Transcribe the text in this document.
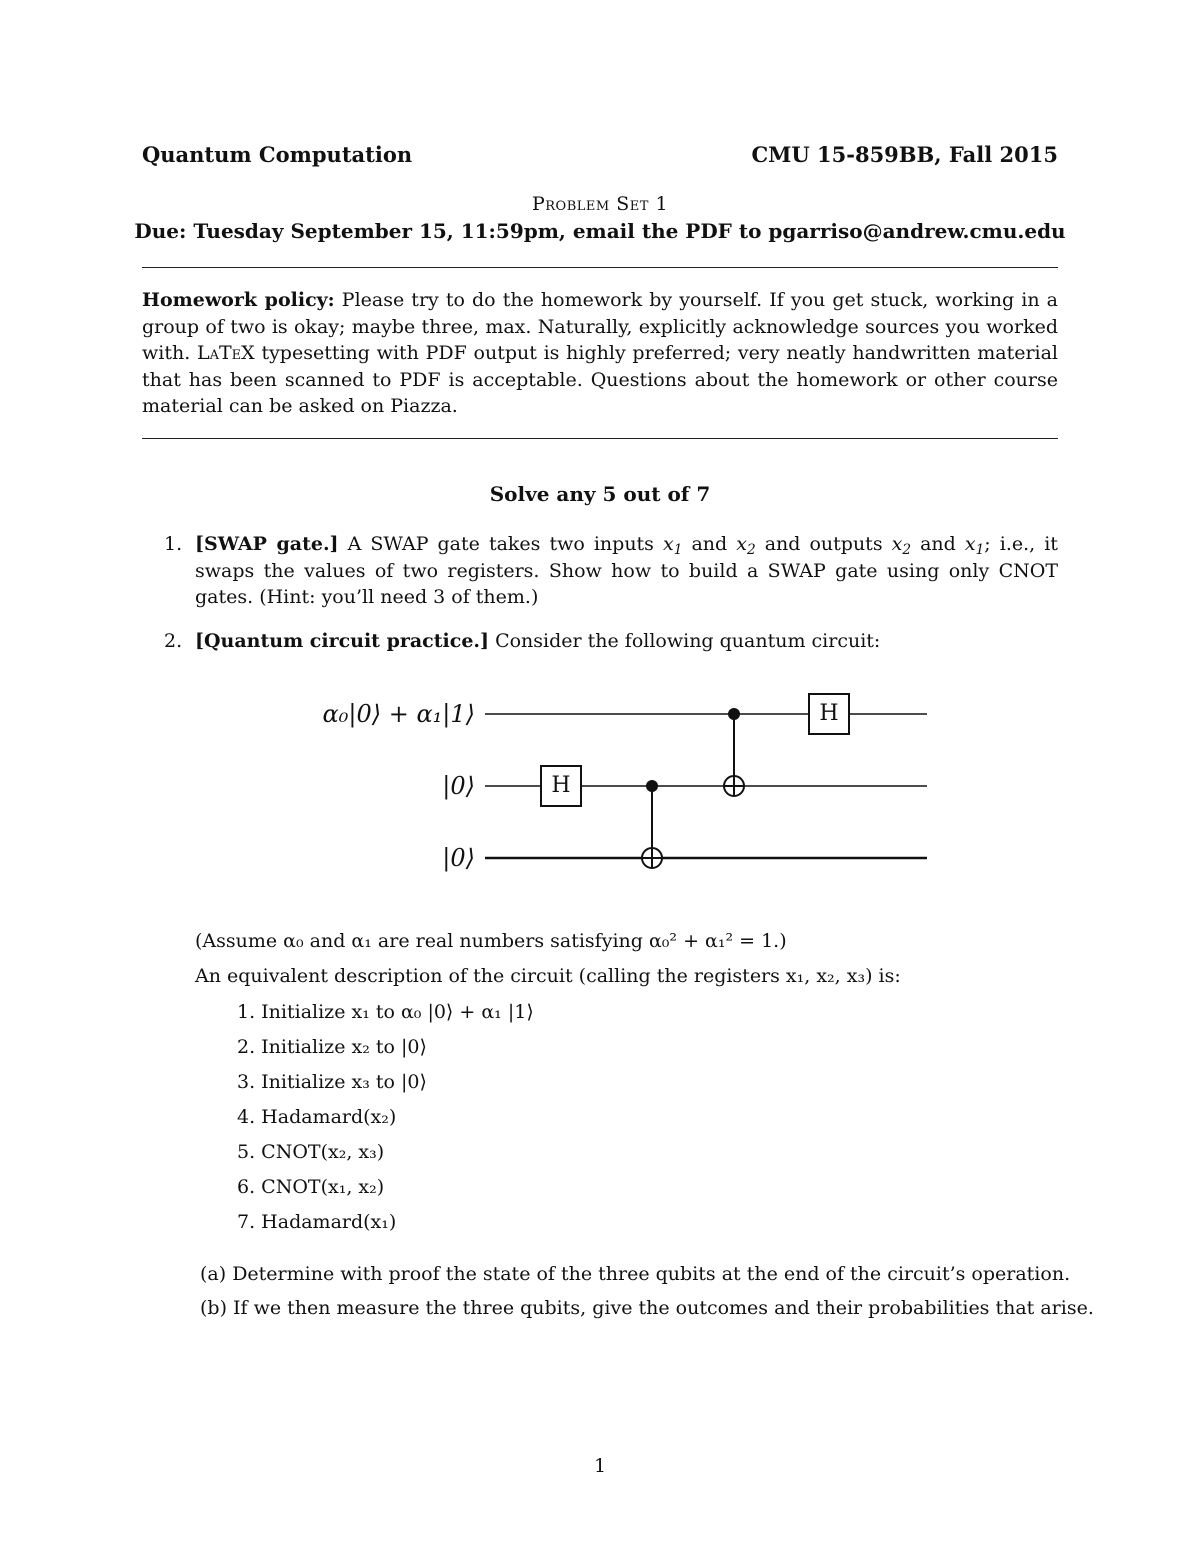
Quantum Computation	CMU 15-859BB, Fall 2015
Problem Set 1
Due: Tuesday September 15, 11:59pm, email the PDF to pgarriso@andrew.cmu.edu

Homework policy: Please try to do the homework by yourself. If you get stuck, working in a group of two is okay; maybe three, max. Naturally, explicitly acknowledge sources you worked with. LaTeX typesetting with PDF output is highly preferred; very neatly handwritten material that has been scanned to PDF is acceptable. Questions about the homework or other course material can be asked on Piazza.

Solve any 5 out of 7
1. [SWAP gate.] A SWAP gate takes two inputs $x_1$ and $x_2$ and outputs $x_2$ and $x_1$; i.e., it swaps the values of two registers. Show how to build a SWAP gate using only CNOT gates. (Hint: you’ll need 3 of them.)
2. [Quantum circuit practice.] Consider the following quantum circuit:
α₀|0⟩ + α₁|1⟩
|0⟩
|0⟩
H
H
(Assume α₀ and α₁ are real numbers satisfying α₀² + α₁² = 1.)
An equivalent description of the circuit (calling the registers x₁, x₂, x₃) is:
1. Initialize x₁ to α₀ |0⟩ + α₁ |1⟩
2. Initialize x₂ to |0⟩
3. Initialize x₃ to |0⟩
4. Hadamard(x₂)
5. CNOT(x₂, x₃)
6. CNOT(x₁, x₂)
7. Hadamard(x₁)
(a) Determine with proof the state of the three qubits at the end of the circuit’s operation.
(b) If we then measure the three qubits, give the outcomes and their probabilities that arise.
1
